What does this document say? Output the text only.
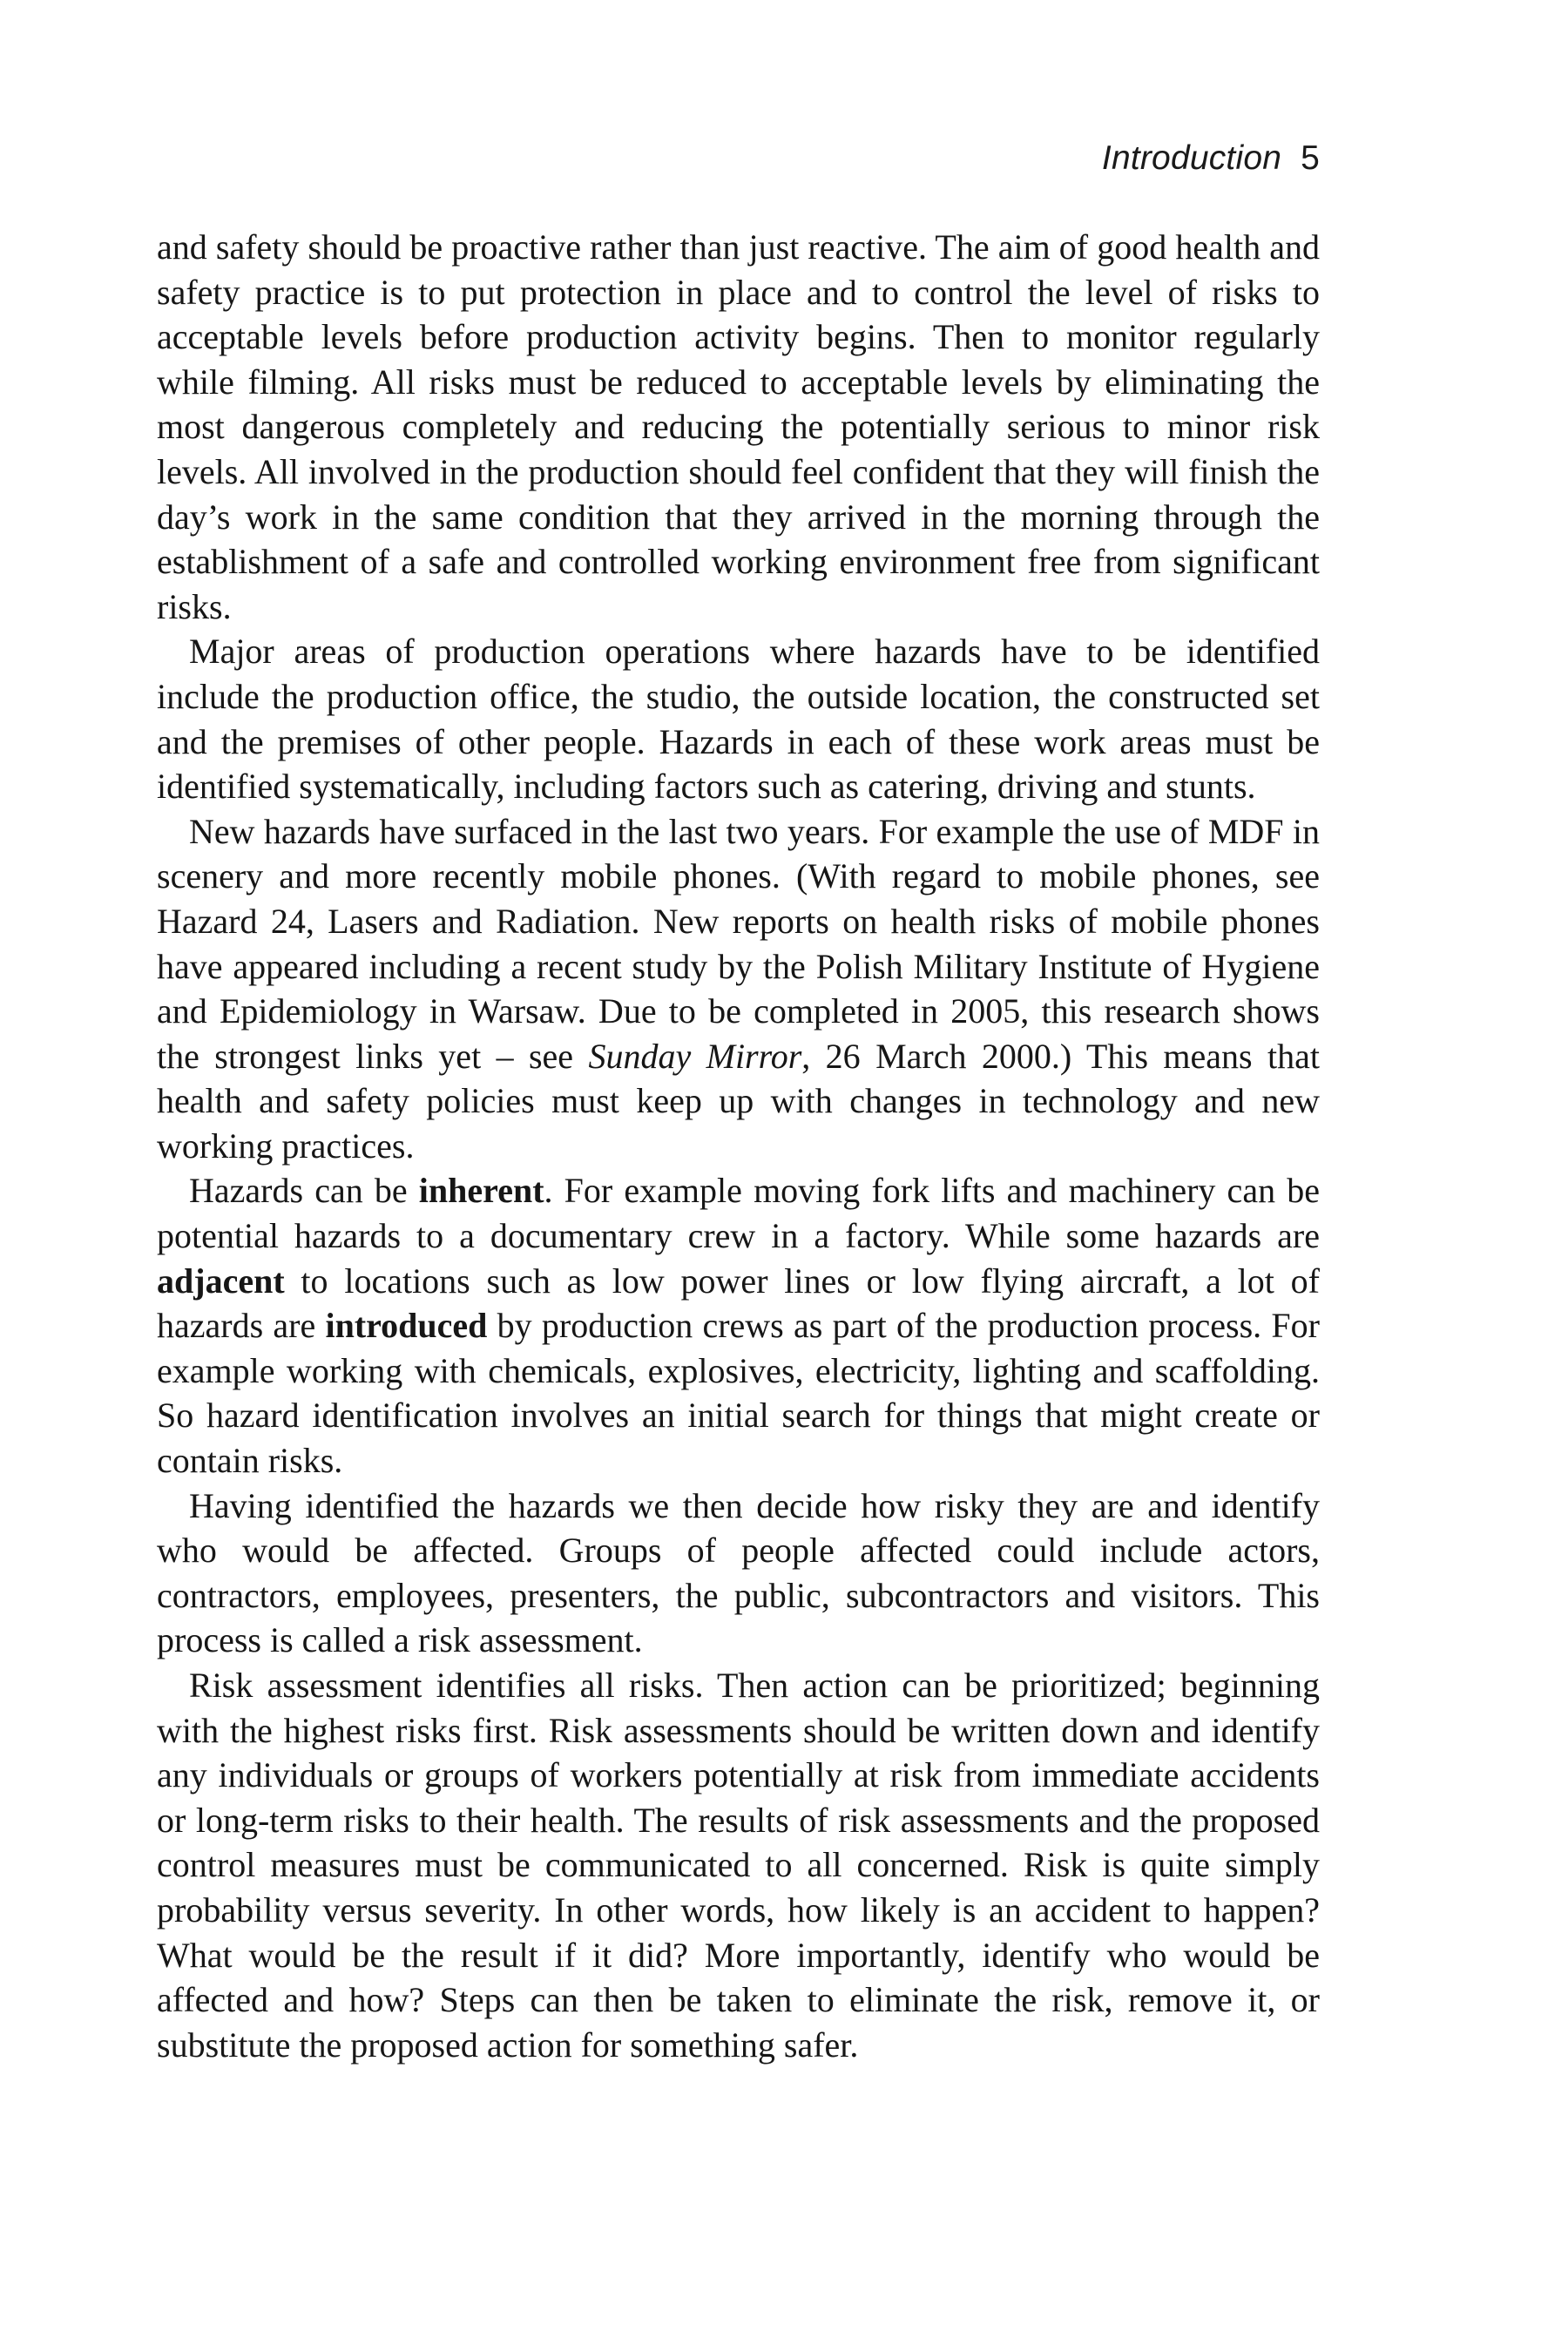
Introduction 5

and safety should be proactive rather than just reactive. The aim of good health and safety practice is to put protection in place and to control the level of risks to acceptable levels before production activity begins. Then to monitor regularly while filming. All risks must be reduced to acceptable levels by eliminating the most dangerous completely and reducing the potentially serious to minor risk levels. All involved in the production should feel confident that they will finish the day’s work in the same condition that they arrived in the morning through the establishment of a safe and controlled working environment free from significant risks.

Major areas of production operations where hazards have to be identified include the production office, the studio, the outside location, the constructed set and the premises of other people. Hazards in each of these work areas must be identified systematically, including factors such as catering, driving and stunts.

New hazards have surfaced in the last two years. For example the use of MDF in scenery and more recently mobile phones. (With regard to mobile phones, see Hazard 24, Lasers and Radiation. New reports on health risks of mobile phones have appeared including a recent study by the Polish Military Institute of Hygiene and Epidemiology in Warsaw. Due to be completed in 2005, this research shows the strongest links yet – see Sunday Mirror, 26 March 2000.) This means that health and safety policies must keep up with changes in technology and new working practices.

Hazards can be inherent. For example moving fork lifts and machinery can be potential hazards to a documentary crew in a factory. While some hazards are adjacent to locations such as low power lines or low flying aircraft, a lot of hazards are introduced by production crews as part of the production process. For example working with chemicals, explosives, electricity, lighting and scaffolding. So hazard identification involves an initial search for things that might create or contain risks.

Having identified the hazards we then decide how risky they are and identify who would be affected. Groups of people affected could include actors, contractors, employees, presenters, the public, subcontractors and visitors. This process is called a risk assessment.

Risk assessment identifies all risks. Then action can be prioritized; beginning with the highest risks first. Risk assessments should be written down and identify any individuals or groups of workers potentially at risk from immediate accidents or long-term risks to their health. The results of risk assessments and the proposed control measures must be communicated to all concerned. Risk is quite simply probability versus severity. In other words, how likely is an accident to happen? What would be the result if it did? More importantly, identify who would be affected and how? Steps can then be taken to eliminate the risk, remove it, or substitute the proposed action for something safer.
